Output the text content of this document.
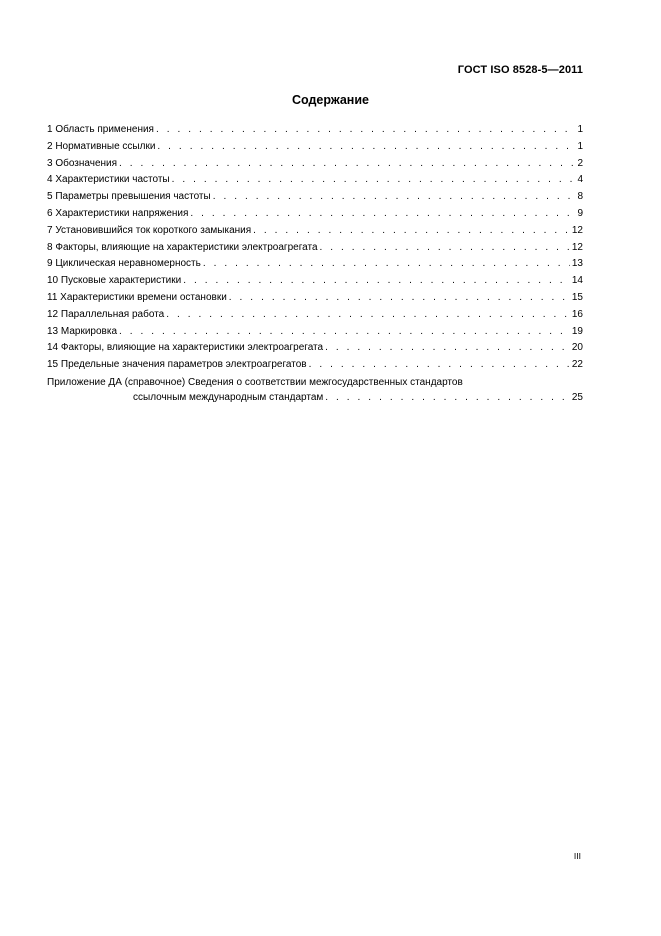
ГОСТ ISO 8528-5—2011
Содержание
1 Область применения . . .	1
2 Нормативные ссылки . . .	1
3 Обозначения . . .	2
4 Характеристики частоты . . .	4
5 Параметры превышения частоты . . .	8
6 Характеристики напряжения . . .	9
7 Установившийся ток короткого замыкания . . .	12
8 Факторы, влияющие на характеристики электроагрегата . . .	12
9 Циклическая неравномерность . . .	13
10 Пусковые характеристики . . .	14
11 Характеристики времени остановки . . .	15
12 Параллельная работа . . .	16
13 Маркировка . . .	19
14 Факторы, влияющие на характеристики электроагрегата . . .	20
15 Предельные значения параметров электроагрегатов . . .	22
Приложение ДА (справочное) Сведения о соответствии межгосударственных стандартов
ссылочным международным стандартам . . .	25
III
